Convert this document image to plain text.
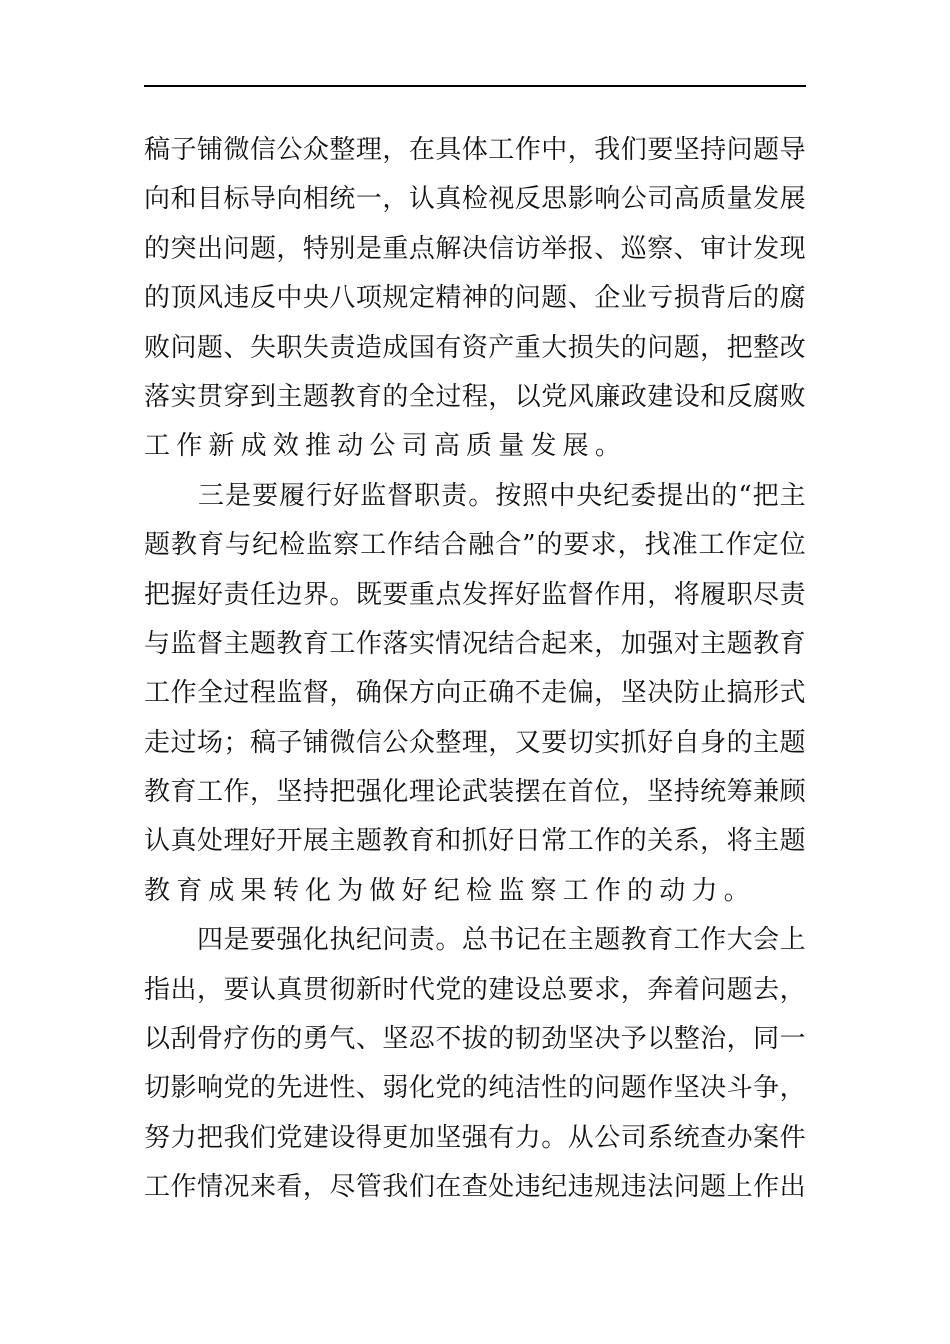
稿 子 铺 微 信 公 众 整 理 ， 在 具 体 工 作 中 ， 我 们 要 坚 持 问 题 导
向 和 目 标 导 向 相 统 一 ， 认 真 检 视 反 思 影 响 公 司 高 质 量 发 展
的 突 出 问 题 ， 特 别 是 重 点 解 决 信 访 举 报 、 巡 察 、 审 计 发 现
的 顶 风 违 反 中 央 八 项 规 定 精 神 的 问 题 、 企 业 亏 损 背 后 的 腐
败 问 题 、 失 职 失 责 造 成 国 有 资 产 重 大 损 失 的 问 题 ， 把 整 改
落 实 贯 穿 到 主 题 教 育 的 全 过 程 ， 以 党 风 廉 政 建 设 和 反 腐 败
工 作 新 成 效 推 动 公 司 高 质 量 发 展 。

三 是 要 履 行 好 监 督 职 责 。 按 照 中 央 纪 委 提 出 的 “ 把 主
题 教 育 与 纪 检 监 察 工 作 结 合 融 合 ” 的 要 求 ， 找 准 工 作 定 位
把 握 好 责 任 边 界 。 既 要 重 点 发 挥 好 监 督 作 用 ， 将 履 职 尽 责
与 监 督 主 题 教 育 工 作 落 实 情 况 结 合 起 来 ， 加 强 对 主 题 教 育
工 作 全 过 程 监 督 ， 确 保 方 向 正 确 不 走 偏 ， 坚 决 防 止 搞 形 式
走 过 场 ； 稿 子 铺 微 信 公 众 整 理 ， 又 要 切 实 抓 好 自 身 的 主 题
教 育 工 作 ， 坚 持 把 强 化 理 论 武 装 摆 在 首 位 ， 坚 持 统 筹 兼 顾
认 真 处 理 好 开 展 主 题 教 育 和 抓 好 日 常 工 作 的 关 系 ， 将 主 题
教 育 成 果 转 化 为 做 好 纪 检 监 察 工 作 的 动 力 。

四 是 要 强 化 执 纪 问 责 。 总 书 记 在 主 题 教 育 工 作 大 会 上
指 出 ， 要 认 真 贯 彻 新 时 代 党 的 建 设 总 要 求 ， 奔 着 问 题 去 ，
以 刮 骨 疗 伤 的 勇 气 、 坚 忍 不 拔 的 韧 劲 坚 决 予 以 整 治 ， 同 一
切 影 响 党 的 先 进 性 、 弱 化 党 的 纯 洁 性 的 问 题 作 坚 决 斗 争 ，
努 力 把 我 们 党 建 设 得 更 加 坚 强 有 力 。 从 公 司 系 统 查 办 案 件
工 作 情 况 来 看 ， 尽 管 我 们 在 查 处 违 纪 违 规 违 法 问 题 上 作 出
